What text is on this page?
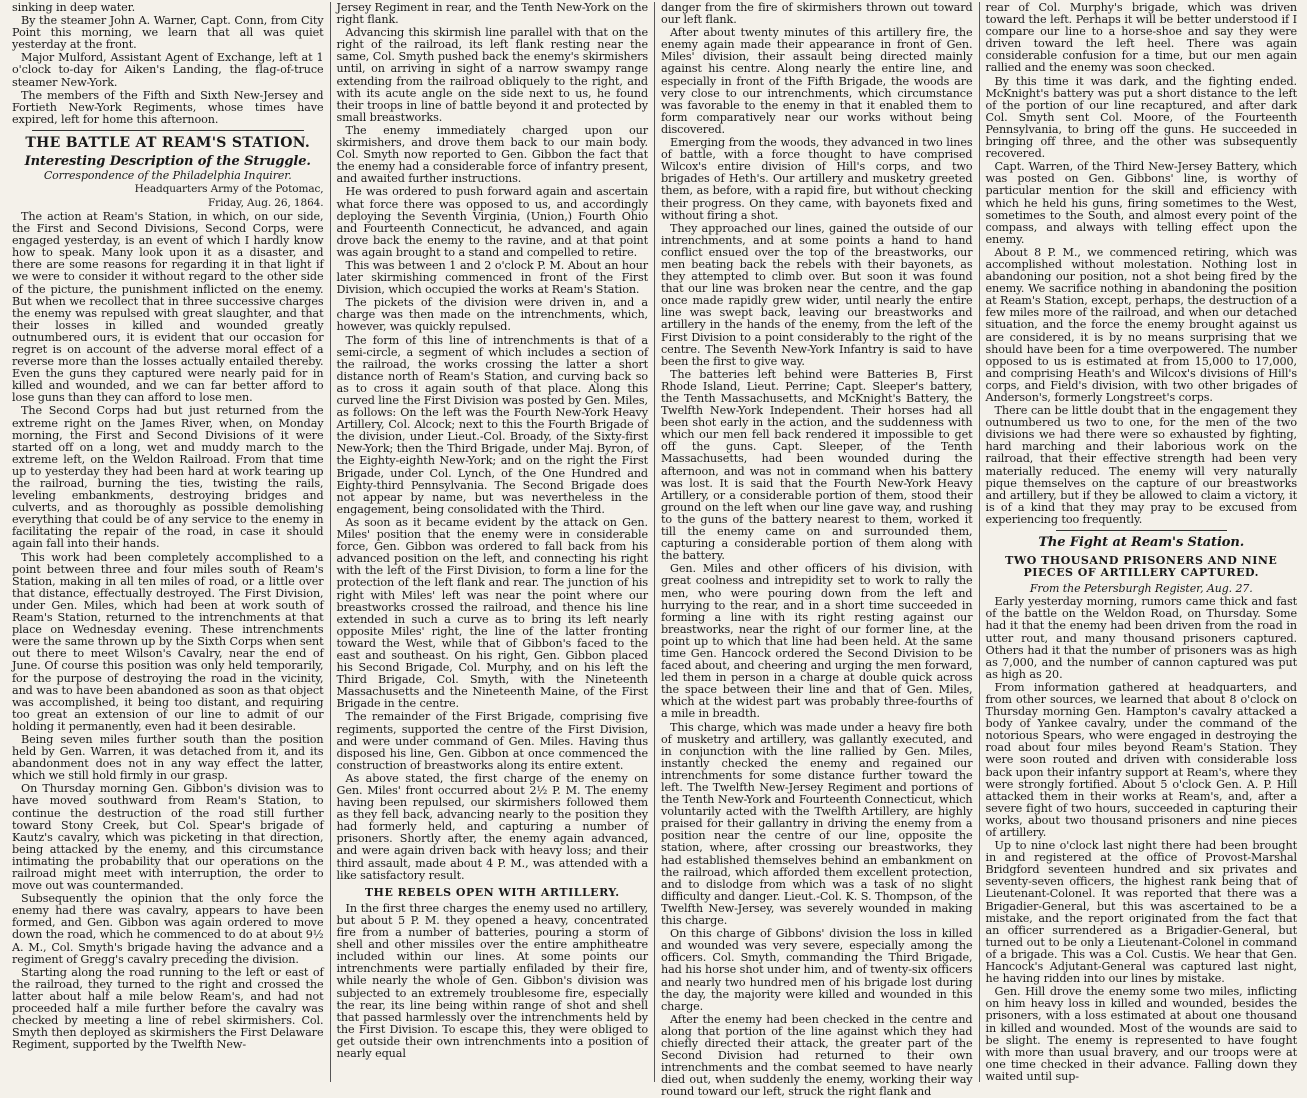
sinking in deep water.

By the steamer John A. Warner, Capt. Conn, from City Point this morning, we learn that all was quiet yesterday at the front.

Major Mulford, Assistant Agent of Exchange, left at 1 o'clock to-day for Aiken's Landing, the flag-of-truce steamer New-York.

The members of the Fifth and Sixth New-Jersey and Fortieth New-York Regiments, whose times have expired, left for home this afternoon.

THE BATTLE AT REAM'S STATION.
Interesting Description of the Struggle.
Correspondence of the Philadelphia Inquirer.
Headquarters Army of the Potomac,
Friday, Aug. 26, 1864.

The action at Ream's Station, in which, on our side, the First and Second Divisions, Second Corps, were engaged yesterday, is an event of which I hardly know how to speak. Many look upon it as a disaster, and there are some reasons for regarding it in that light if we were to consider it without regard to the other side of the picture, the punishment inflicted on the enemy. But when we recollect that in three successive charges the enemy was repulsed with great slaughter, and that their losses in killed and wounded greatly outnumbered ours, it is evident that our occasion for regret is on account of the adverse moral effect of a reverse more than the losses actually entailed thereby. Even the guns they captured were nearly paid for in killed and wounded, and we can far better afford to lose guns than they can afford to lose men.

The Second Corps had but just returned from the extreme right on the James River, when, on Monday morning, the First and Second Divisions of it were started off on a long, wet and muddy march to the extreme left, on the Weldon Railroad. From that time up to yesterday they had been hard at work tearing up the railroad, burning the ties, twisting the rails, leveling embankments, destroying bridges and culverts, and as thoroughly as possible demolishing everything that could be of any service to the enemy in facilitating the repair of the road, in case it should again fall into their hands.

This work had been completely accomplished to a point between three and four miles south of Ream's Station, making in all ten miles of road, or a little over that distance, effectually destroyed. The First Division, under Gen. Miles, which had been at work south of Ream's Station, returned to the intrenchments at that place on Wednesday evening. These intrenchments were the same thrown up by the Sixth Corps when sent out there to meet Wilson's Cavalry, near the end of June. Of course this position was only held temporarily, for the purpose of destroying the road in the vicinity, and was to have been abandoned as soon as that object was accomplished, it being too distant, and requiring too great an extension of our line to admit of our holding it permanently, even had it been desirable.

Being seven miles further south than the position held by Gen. Warren, it was detached from it, and its abandonment does not in any way effect the latter, which we still hold firmly in our grasp.

On Thursday morning Gen. Gibbon's division was to have moved southward from Ream's Station, to continue the destruction of the road still further toward Stony Creek, but Col. Spear's brigade of Kautz's cavalry, which was picketing in that direction, being attacked by the enemy, and this circumstance intimating the probability that our operations on the railroad might meet with interruption, the order to move out was countermanded.

Subsequently the opinion that the only force the enemy had there was cavalry, appears to have been formed, and Gen. Gibbon was again ordered to move down the road, which he commenced to do at about 9½ A. M., Col. Smyth's brigade having the advance and a regiment of Gregg's cavalry preceding the division.

Starting along the road running to the left or east of the railroad, they turned to the right and crossed the latter about half a mile below Ream's, and had not proceeded half a mile further before the cavalry was checked by meeting a line of rebel skirmishers. Col. Smyth then deployed as skirmishers the First Delaware Regiment, supported by the Twelfth New-

Jersey Regiment in rear, and the Tenth New-York on the right flank.

Advancing this skirmish line parallel with that on the right of the railroad, its left flank resting near the same, Col. Smyth pushed back the enemy's skirmishers until, on arriving in sight of a narrow swampy range extending from the railroad obliquely to the right, and with its acute angle on the side next to us, he found their troops in line of battle beyond it and protected by small breastworks.

The enemy immediately charged upon our skirmishers, and drove them back to our main body. Col. Smyth now reported to Gen. Gibbon the fact that the enemy had a considerable force of infantry present, and awaited further instructions.

He was ordered to push forward again and ascertain what force there was opposed to us, and accordingly deploying the Seventh Virginia, (Union,) Fourth Ohio and Fourteenth Connecticut, he advanced, and again drove back the enemy to the ravine, and at that point was again brought to a stand and compelled to retire.

This was between 1 and 2 o'clock P. M. About an hour later skirmishing commenced in front of the First Division, which occupied the works at Ream's Station.

The pickets of the division were driven in, and a charge was then made on the intrenchments, which, however, was quickly repulsed.

The form of this line of intrenchments is that of a semi-circle, a segment of which includes a section of the railroad, the works crossing the latter a short distance north of Ream's Station, and curving back so as to cross it again south of that place. Along this curved line the First Division was posted by Gen. Miles, as follows: On the left was the Fourth New-York Heavy Artillery, Col. Alcock; next to this the Fourth Brigade of the division, under Lieut.-Col. Broady, of the Sixty-first New-York; then the Third Brigade, under Maj. Byron, of the Eighty-eighth New-York; and on the right the First Brigade, under Col. Lynch, of the One Hundred and Eighty-third Pennsylvania. The Second Brigade does not appear by name, but was nevertheless in the engagement, being consolidated with the Third.

As soon as it became evident by the attack on Gen. Miles' position that the enemy were in considerable force, Gen. Gibbon was ordered to fall back from his advanced position on the left, and connecting his right with the left of the First Division, to form a line for the protection of the left flank and rear. The junction of his right with Miles' left was near the point where our breastworks crossed the railroad, and thence his line extended in such a curve as to bring its left nearly opposite Miles' right, the line of the latter fronting toward the West, while that of Gibbon's faced to the east and southeast. On his right, Gen. Gibbon placed his Second Brigade, Col. Murphy, and on his left the Third Brigade, Col. Smyth, with the Nineteenth Massachusetts and the Nineteenth Maine, of the First Brigade in the centre.

The remainder of the First Brigade, comprising five regiments, supported the centre of the First Division, and were under command of Gen. Miles. Having thus disposed his line, Gen. Gibbon at once commenced the construction of breastworks along its entire extent.

As above stated, the first charge of the enemy on Gen. Miles' front occurred about 2½ P. M. The enemy having been repulsed, our skirmishers followed them as they fell back, advancing nearly to the position they had formerly held, and capturing a number of prisoners. Shortly after, the enemy again advanced, and were again driven back with heavy loss; and their third assault, made about 4 P. M., was attended with a like satisfactory result.

THE REBELS OPEN WITH ARTILLERY.

In the first three charges the enemy used no artillery, but about 5 P. M. they opened a heavy, concentrated fire from a number of batteries, pouring a storm of shell and other missiles over the entire amphitheatre included within our lines. At some points our intrenchments were partially enfiladed by their fire, while nearly the whole of Gen. Gibbon's division was subjected to an extremely troublesome fire, especially the rear, its line being within range of shot and shell that passed harmlessly over the intrenchments held by the First Division. To escape this, they were obliged to get outside their own intrenchments into a position of nearly equal

danger from the fire of skirmishers thrown out toward our left flank.

After about twenty minutes of this artillery fire, the enemy again made their appearance in front of Gen. Miles' division, their assault being directed mainly against his centre. Along nearly the entire line, and especially in front of the Fifth Brigade, the woods are very close to our intrenchments, which circumstance was favorable to the enemy in that it enabled them to form comparatively near our works without being discovered.

Emerging from the woods, they advanced in two lines of battle, with a force thought to have comprised Wilcox's entire division of Hill's corps, and two brigades of Heth's. Our artillery and musketry greeted them, as before, with a rapid fire, but without checking their progress. On they came, with bayonets fixed and without firing a shot.

They approached our lines, gained the outside of our intrenchments, and at some points a hand to hand conflict ensued over the top of the breastworks, our men beating back the rebels with their bayonets, as they attempted to climb over. But soon it was found that our line was broken near the centre, and the gap once made rapidly grew wider, until nearly the entire line was swept back, leaving our breastworks and artillery in the hands of the enemy, from the left of the First Division to a point considerably to the right of the centre. The Seventh New-York Infantry is said to have been the first to give way.

The batteries left behind were Batteries B, First Rhode Island, Lieut. Perrine; Capt. Sleeper's battery, the Tenth Massachusetts, and McKnight's Battery, the Twelfth New-York Independent. Their horses had all been shot early in the action, and the suddenness with which our men fell back rendered it impossible to get off the guns. Capt. Sleeper, of the Tenth Massachusetts, had been wounded during the afternoon, and was not in command when his battery was lost. It is said that the Fourth New-York Heavy Artillery, or a considerable portion of them, stood their ground on the left when our line gave way, and rushing to the guns of the battery nearest to them, worked it till the enemy came on and surrounded them, capturing a considerable portion of them along with the battery.

Gen. Miles and other officers of his division, with great coolness and intrepidity set to work to rally the men, who were pouring down from the left and hurrying to the rear, and in a short time succeeded in forming a line with its right resting against our breastworks, near the right of our former line, at the point up to which that line had been held. At the same time Gen. Hancock ordered the Second Division to be faced about, and cheering and urging the men forward, led them in person in a charge at double quick across the space between their line and that of Gen. Miles, which at the widest part was probably three-fourths of a mile in breadth.

This charge, which was made under a heavy fire both of musketry and artillery, was gallantly executed, and in conjunction with the line rallied by Gen. Miles, instantly checked the enemy and regained our intrenchments for some distance further toward the left. The Twelfth New-Jersey Regiment and portions of the Tenth New-York and Fourteenth Connecticut, which voluntarily acted with the Twelfth Artillery, are highly praised for their gallantry in driving the enemy from a position near the centre of our line, opposite the station, where, after crossing our breastworks, they had established themselves behind an embankment on the railroad, which afforded them excellent protection, and to dislodge from which was a task of no slight difficulty and danger. Lieut.-Col. K. S. Thompson, of the Twelfth New-Jersey, was severely wounded in making this charge.

On this charge of Gibbons' division the loss in killed and wounded was very severe, especially among the officers. Col. Smyth, commanding the Third Brigade, had his horse shot under him, and of twenty-six officers and nearly two hundred men of his brigade lost during the day, the majority were killed and wounded in this charge.

After the enemy had been checked in the centre and along that portion of the line against which they had chiefly directed their attack, the greater part of the Second Division had returned to their own intrenchments and the combat seemed to have nearly died out, when suddenly the enemy, working their way round toward our left, struck the right flank and

rear of Col. Murphy's brigade, which was driven toward the left. Perhaps it will be better understood if I compare our line to a horse-shoe and say they were driven toward the left heel. There was again considerable confusion for a time, but our men again rallied and the enemy was soon checked.

By this time it was dark, and the fighting ended. McKnight's battery was put a short distance to the left of the portion of our line recaptured, and after dark Col. Smyth sent Col. Moore, of the Fourteenth Pennsylvania, to bring off the guns. He succeeded in bringing off three, and the other was subsequently recovered.

Capt. Warren, of the Third New-Jersey Battery, which was posted on Gen. Gibbons' line, is worthy of particular mention for the skill and efficiency with which he held his guns, firing sometimes to the West, sometimes to the South, and almost every point of the compass, and always with telling effect upon the enemy.

About 8 P. M., we commenced retiring, which was accomplished without molestation. Nothing lost in abandoning our position, not a shot being fired by the enemy. We sacrifice nothing in abandoning the position at Ream's Station, except, perhaps, the destruction of a few miles more of the railroad, and when our detached situation, and the force the enemy brought against us are considered, it is by no means surprising that we should have been for a time overpowered. The number opposed to us is estimated at from 15,000 to 17,000, and comprising Heath's and Wilcox's divisions of Hill's corps, and Field's division, with two other brigades of Anderson's, formerly Longstreet's corps.

There can be little doubt that in the engagement they outnumbered us two to one, for the men of the two divisions we had there were so exhausted by fighting, hard marching and their laborious work on the railroad, that their effective strength had been very materially reduced. The enemy will very naturally pique themselves on the capture of our breastworks and artillery, but if they be allowed to claim a victory, it is of a kind that they may pray to be excused from experiencing too frequently.

The Fight at Ream's Station.
TWO THOUSAND PRISONERS AND NINE PIECES OF ARTILLERY CAPTURED.
From the Petersburgh Register, Aug. 27.

Early yesterday morning, rumors came thick and fast of the battle on the Weldon Road, on Thursday. Some had it that the enemy had been driven from the road in utter rout, and many thousand prisoners captured. Others had it that the number of prisoners was as high as 7,000, and the number of cannon captured was put as high as 20.

From information gathered at headquarters, and from other sources, we learned that about 8 o'clock on Thursday morning Gen. Hampton's cavalry attacked a body of Yankee cavalry, under the command of the notorious Spears, who were engaged in destroying the road about four miles beyond Ream's Station. They were soon routed and driven with considerable loss back upon their infantry support at Ream's, where they were strongly fortified. About 5 o'clock Gen. A. P. Hill attacked them in their works at Ream's, and, after a severe fight of two hours, succeeded in capturing their works, about two thousand prisoners and nine pieces of artillery.

Up to nine o'clock last night there had been brought in and registered at the office of Provost-Marshal Bridgford seventeen hundred and six privates and seventy-seven officers, the highest rank being that of Lieutenant-Colonel. It was reported that there was a Brigadier-General, but this was ascertained to be a mistake, and the report originated from the fact that an officer surrendered as a Brigadier-General, but turned out to be only a Lieutenant-Colonel in command of a brigade. This was a Col. Custis. We hear that Gen. Hancock's Adjutant-General was captured last night, he having ridden into our lines by mistake.

Gen. Hill drove the enemy some two miles, inflicting on him heavy loss in killed and wounded, besides the prisoners, with a loss estimated at about one thousand in killed and wounded. Most of the wounds are said to be slight. The enemy is represented to have fought with more than usual bravery, and our troops were at one time checked in their advance. Falling down they waited until sup-
